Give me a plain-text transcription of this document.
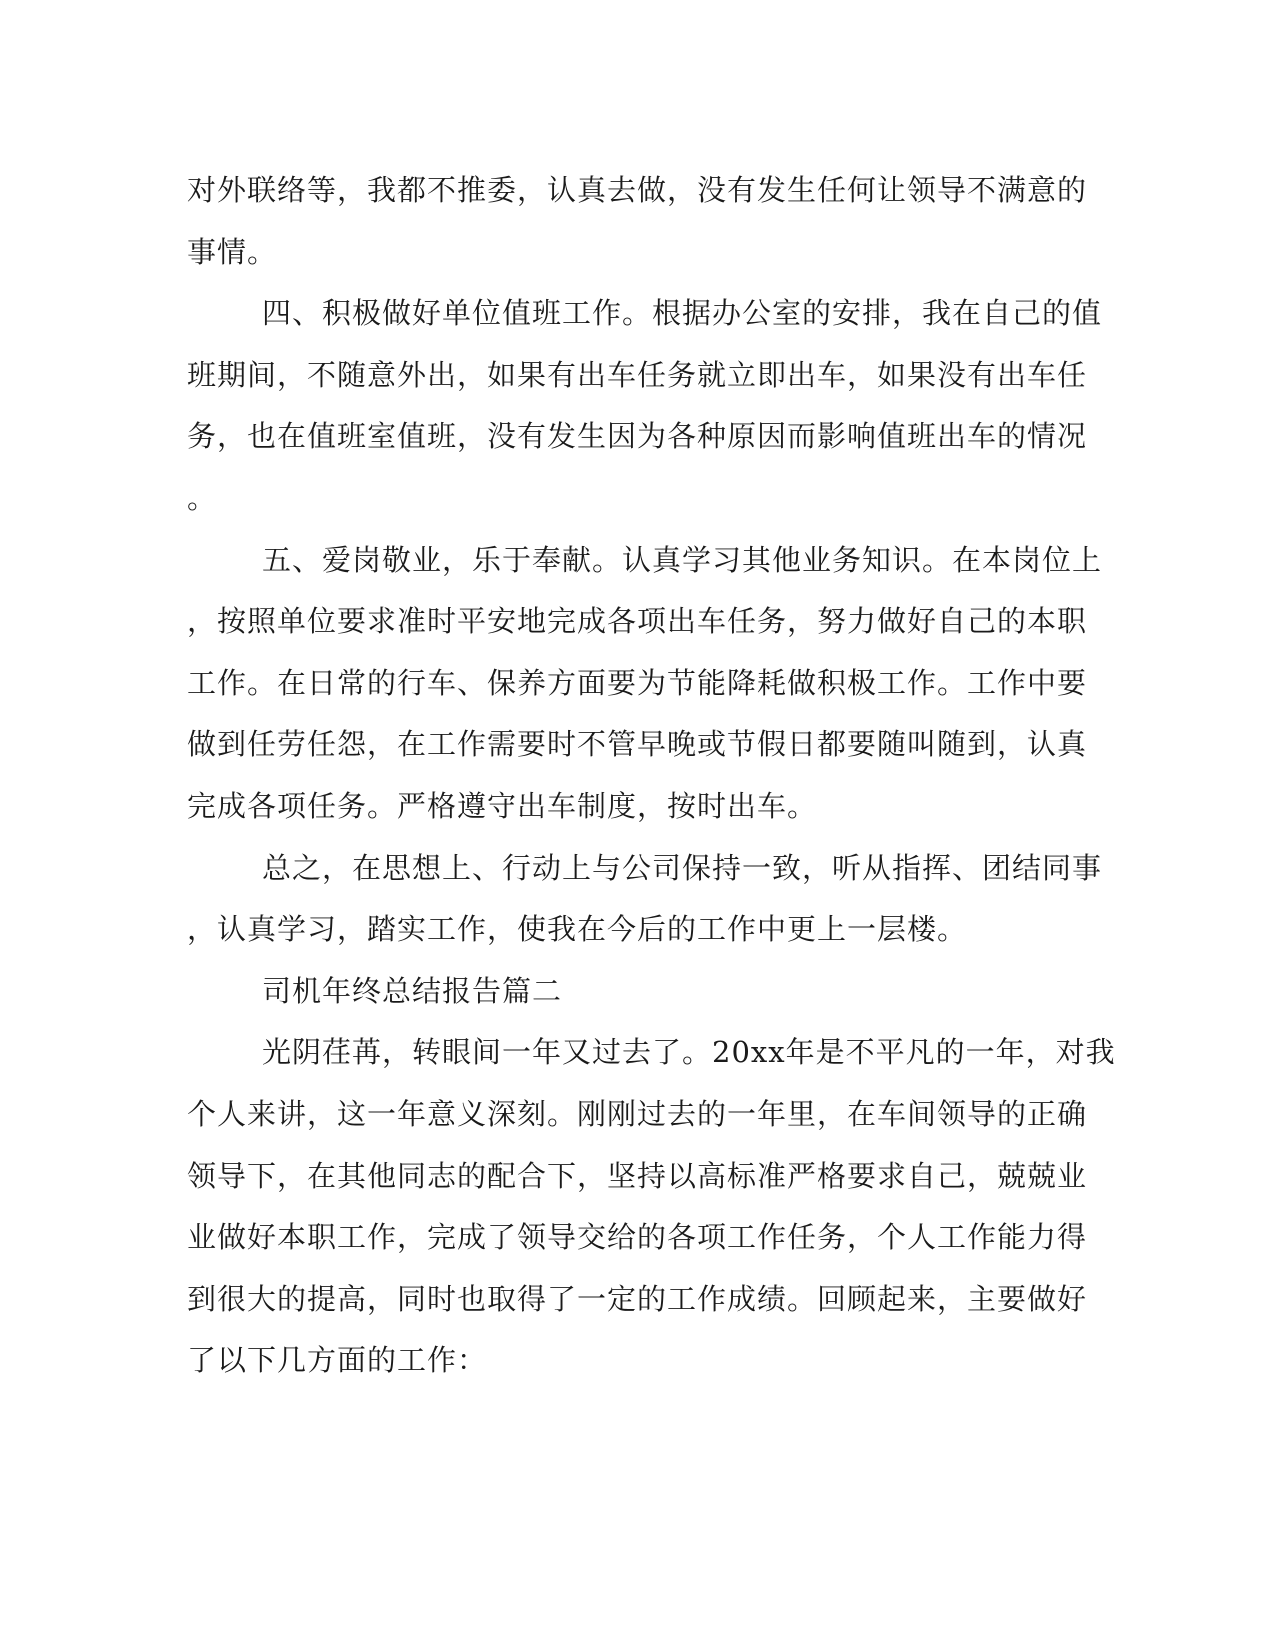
对外联络等，我都不推委，认真去做，没有发生任何让领导不满意的
事情。
四、积极做好单位值班工作。根据办公室的安排，我在自己的值
班期间，不随意外出，如果有出车任务就立即出车，如果没有出车任
务，也在值班室值班，没有发生因为各种原因而影响值班出车的情况
。
五、爱岗敬业，乐于奉献。认真学习其他业务知识。在本岗位上
，按照单位要求准时平安地完成各项出车任务，努力做好自己的本职
工作。在日常的行车、保养方面要为节能降耗做积极工作。工作中要
做到任劳任怨，在工作需要时不管早晚或节假日都要随叫随到，认真
完成各项任务。严格遵守出车制度，按时出车。
总之，在思想上、行动上与公司保持一致，听从指挥、团结同事
，认真学习，踏实工作，使我在今后的工作中更上一层楼。
司机年终总结报告篇二
光阴荏苒，转眼间一年又过去了。20xx年是不平凡的一年，对我
个人来讲，这一年意义深刻。刚刚过去的一年里，在车间领导的正确
领导下，在其他同志的配合下，坚持以高标准严格要求自己，兢兢业
业做好本职工作，完成了领导交给的各项工作任务，个人工作能力得
到很大的提高，同时也取得了一定的工作成绩。回顾起来，主要做好
了以下几方面的工作：
